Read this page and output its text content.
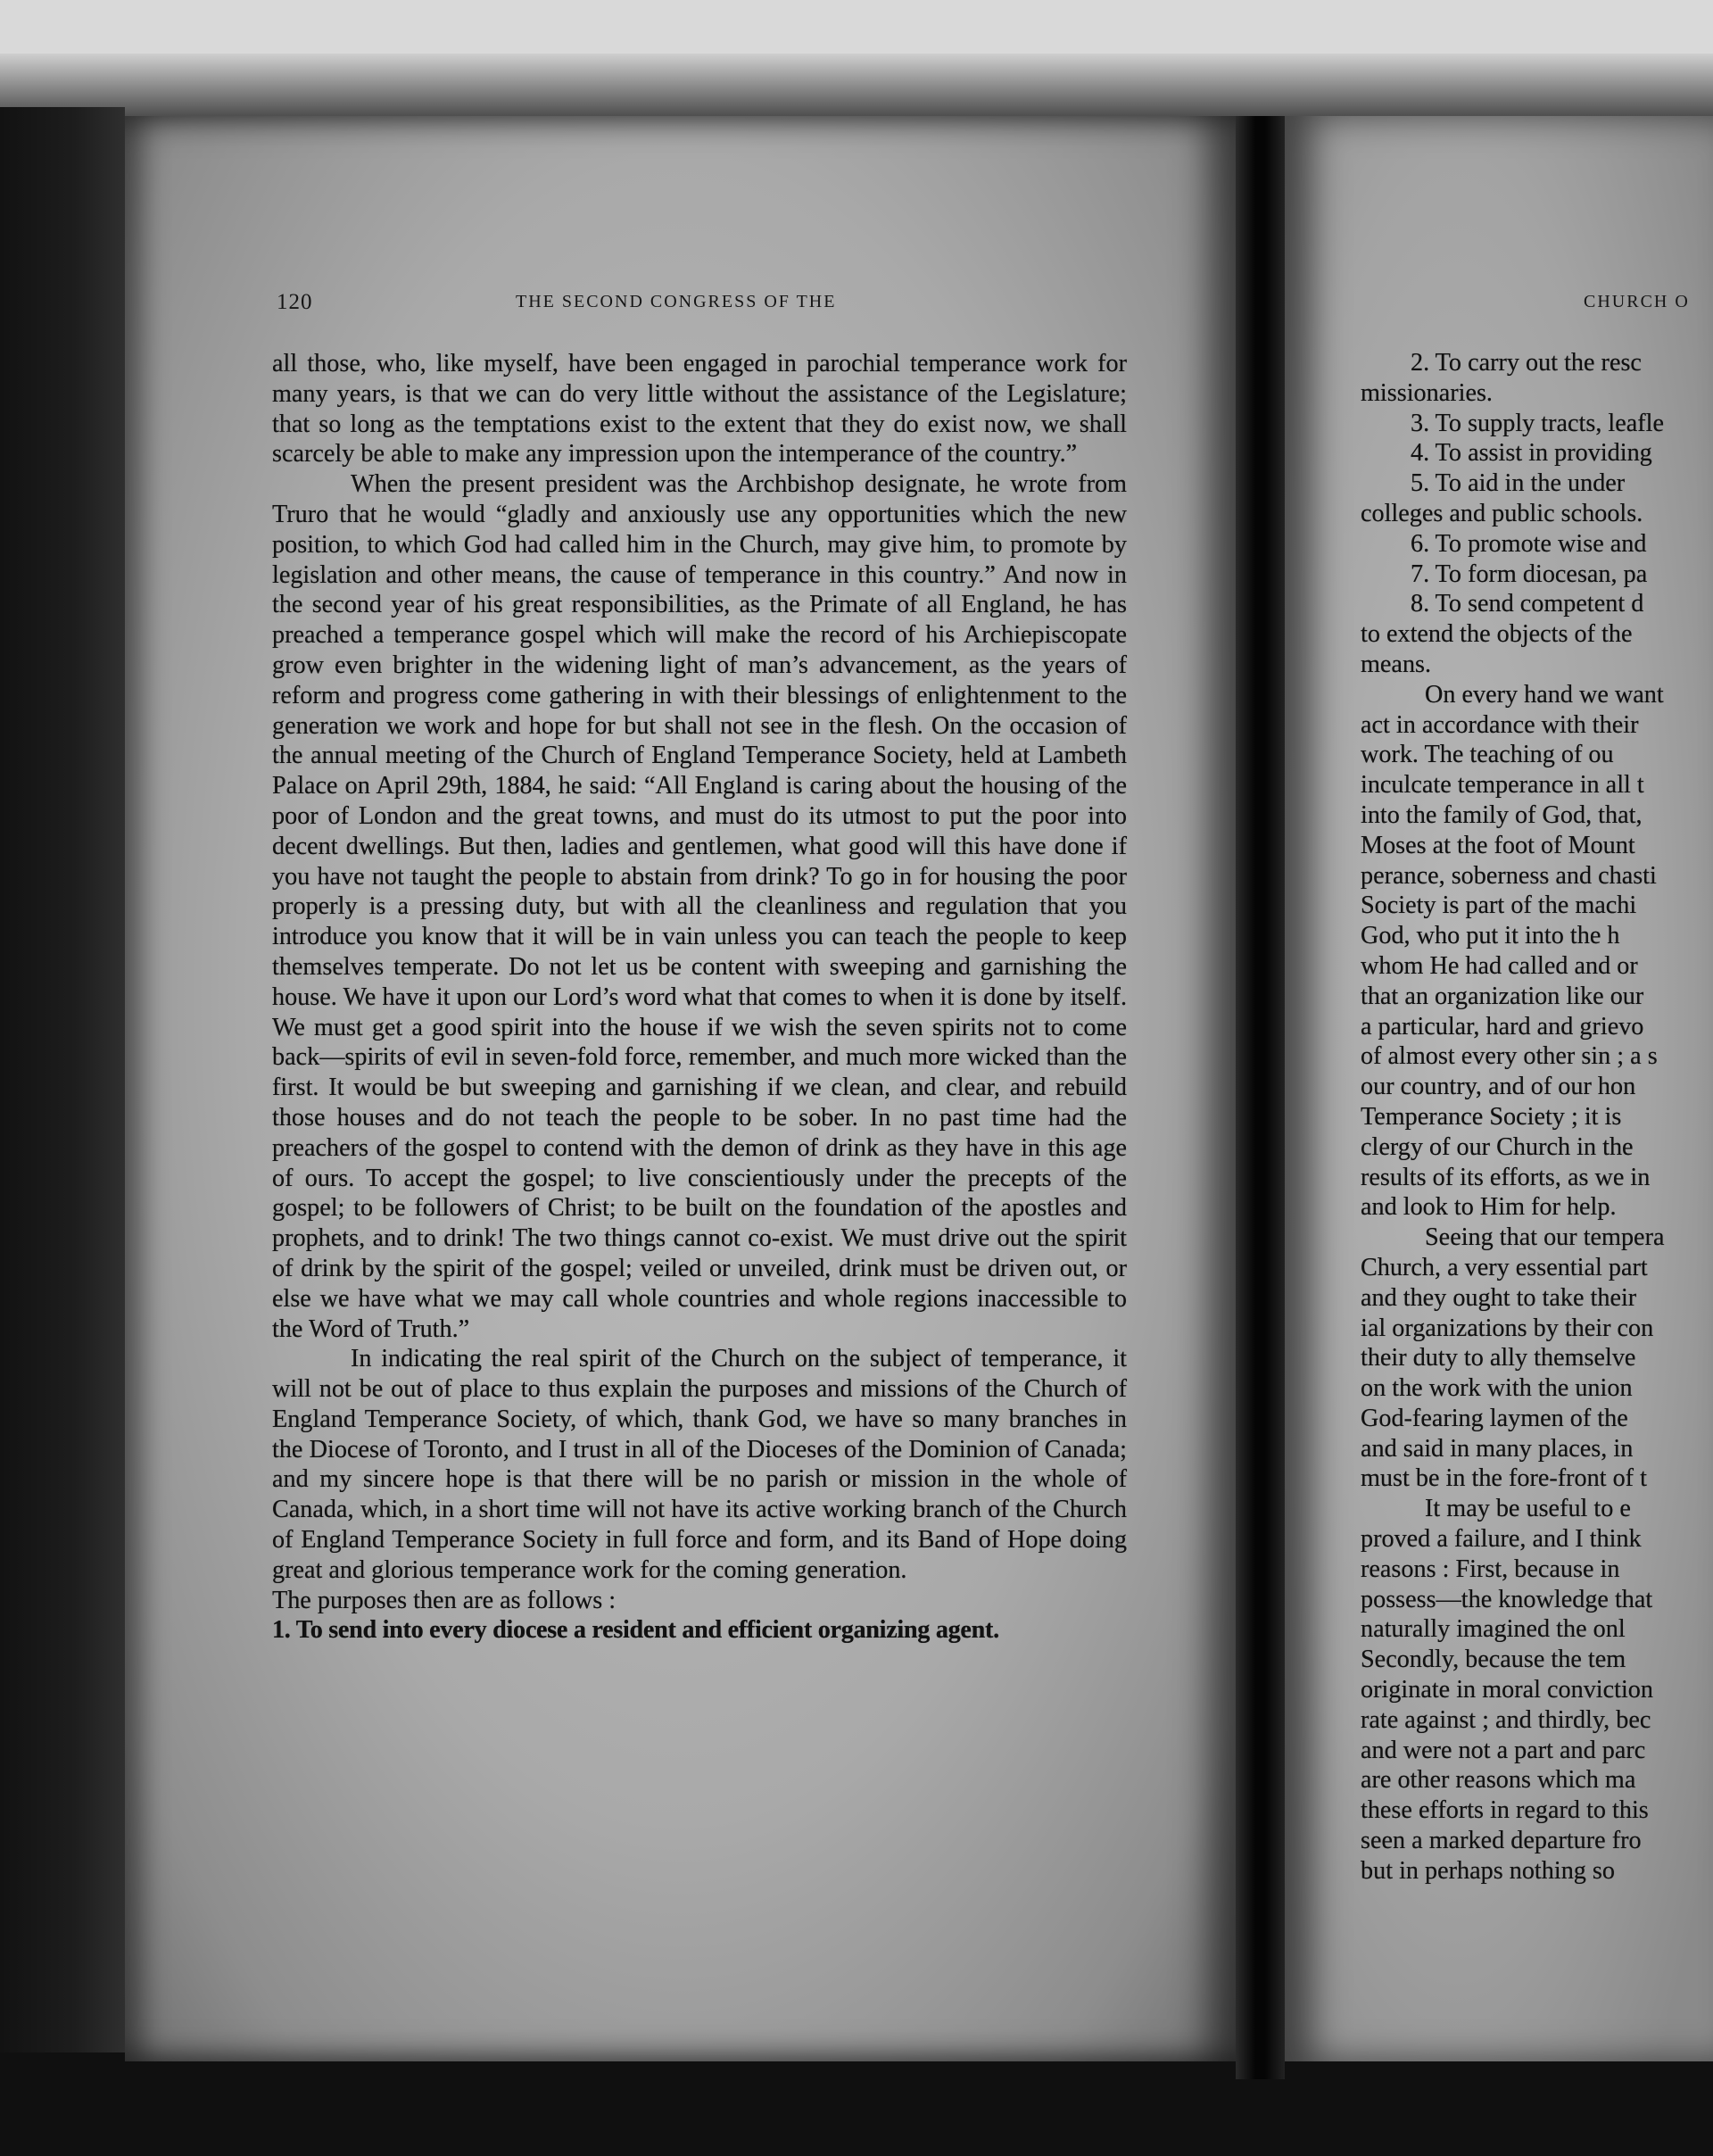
120	THE SECOND CONGRESS OF THE

all those, who, like myself, have been engaged in parochial temperance work for many years, is that we can do very little without the assistance of the Legislature; that so long as the temptations exist to the extent that they do exist now, we shall scarcely be able to make any impression upon the intemperance of the country.”

When the present president was the Archbishop designate, he wrote from Truro that he would “gladly and anxiously use any opportunities which the new position, to which God had called him in the Church, may give him, to promote by legislation and other means, the cause of temperance in this country.” And now in the second year of his great responsibilities, as the Primate of all England, he has preached a temperance gospel which will make the record of his Archiepiscopate grow even brighter in the widening light of man’s advancement, as the years of reform and progress come gathering in with their blessings of enlightenment to the generation we work and hope for but shall not see in the flesh. On the occasion of the annual meeting of the Church of England Temperance Society, held at Lambeth Palace on April 29th, 1884, he said: “All England is caring about the housing of the poor of London and the great towns, and must do its utmost to put the poor into decent dwellings. But then, ladies and gentlemen, what good will this have done if you have not taught the people to abstain from drink? To go in for housing the poor properly is a pressing duty, but with all the cleanliness and regulation that you introduce you know that it will be in vain unless you can teach the people to keep themselves temperate. Do not let us be content with sweeping and garnishing the house. We have it upon our Lord’s word what that comes to when it is done by itself. We must get a good spirit into the house if we wish the seven spirits not to come back—spirits of evil in seven-fold force, remember, and much more wicked than the first. It would be but sweeping and garnishing if we clean, and clear, and rebuild those houses and do not teach the people to be sober. In no past time had the preachers of the gospel to contend with the demon of drink as they have in this age of ours. To accept the gospel; to live conscientiously under the precepts of the gospel; to be followers of Christ; to be built on the foundation of the apostles and prophets, and to drink! The two things cannot co-exist. We must drive out the spirit of drink by the spirit of the gospel; veiled or unveiled, drink must be driven out, or else we have what we may call whole countries and whole regions inaccessible to the Word of Truth.”

In indicating the real spirit of the Church on the subject of temperance, it will not be out of place to thus explain the purposes and missions of the Church of England Temperance Society, of which, thank God, we have so many branches in the Diocese of Toronto, and I trust in all of the Dioceses of the Dominion of Canada; and my sincere hope is that there will be no parish or mission in the whole of Canada, which, in a short time will not have its active working branch of the Church of England Temperance Society in full force and form, and its Band of Hope doing great and glorious temperance work for the coming generation.

The purposes then are as follows :

1. To send into every diocese a resident and efficient organizing agent.

CHURCH O
2. To carry out the resc
missionaries.
3. To supply tracts, leafle
4. To assist in providing
5. To aid in the under
colleges and public schools.
6. To promote wise and
7. To form diocesan, pa
8. To send competent d
to extend the objects of the
means.
On every hand we want
act in accordance with their
work. The teaching of ou
inculcate temperance in all t
into the family of God, that,
Moses at the foot of Mount
perance, soberness and chasti
Society is part of the machi
God, who put it into the h
whom He had called and or
that an organization like our
a particular, hard and grievo
of almost every other sin ; a s
our country, and of our hon
Temperance Society ; it is
clergy of our Church in the
results of its efforts, as we in
and look to Him for help.
Seeing that our tempera
Church, a very essential part
and they ought to take their
ial organizations by their con
their duty to ally themselve
on the work with the union
God-fearing laymen of the
and said in many places, in
must be in the fore-front of t
It may be useful to e
proved a failure, and I think
reasons : First, because in
possess—the knowledge that
naturally imagined the onl
Secondly, because the tem
originate in moral conviction
rate against ; and thirdly, bec
and were not a part and parc
are other reasons which ma
these efforts in regard to this
seen a marked departure fro
but in perhaps nothing so
